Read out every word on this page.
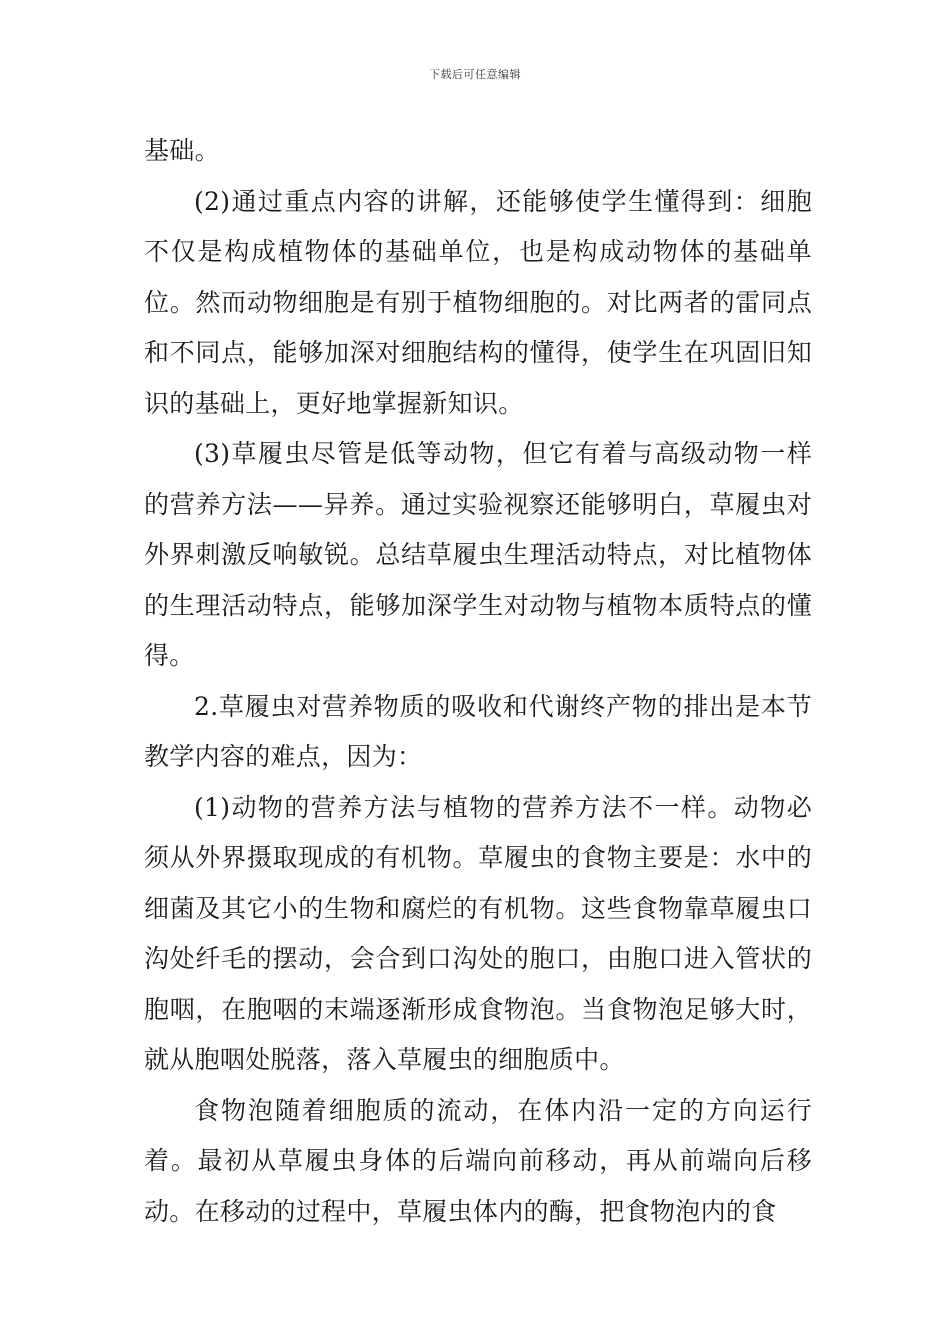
下载后可任意编辑

基础。

(2)通过重点内容的讲解，还能够使学生懂得到：细胞不仅是构成植物体的基础单位，也是构成动物体的基础单位。然而动物细胞是有别于植物细胞的。对比两者的雷同点和不同点，能够加深对细胞结构的懂得，使学生在巩固旧知识的基础上，更好地掌握新知识。

(3)草履虫尽管是低等动物，但它有着与高级动物一样的营养方法——异养。通过实验视察还能够明白，草履虫对外界刺激反响敏锐。总结草履虫生理活动特点，对比植物体的生理活动特点，能够加深学生对动物与植物本质特点的懂得。

2.草履虫对营养物质的吸收和代谢终产物的排出是本节教学内容的难点，因为：

(1)动物的营养方法与植物的营养方法不一样。动物必须从外界摄取现成的有机物。草履虫的食物主要是：水中的细菌及其它小的生物和腐烂的有机物。这些食物靠草履虫口沟处纤毛的摆动，会合到口沟处的胞口，由胞口进入管状的胞咽，在胞咽的末端逐渐形成食物泡。当食物泡足够大时，就从胞咽处脱落，落入草履虫的细胞质中。

食物泡随着细胞质的流动，在体内沿一定的方向运行着。最初从草履虫身体的后端向前移动，再从前端向后移动。在移动的过程中，草履虫体内的酶，把食物泡内的食
